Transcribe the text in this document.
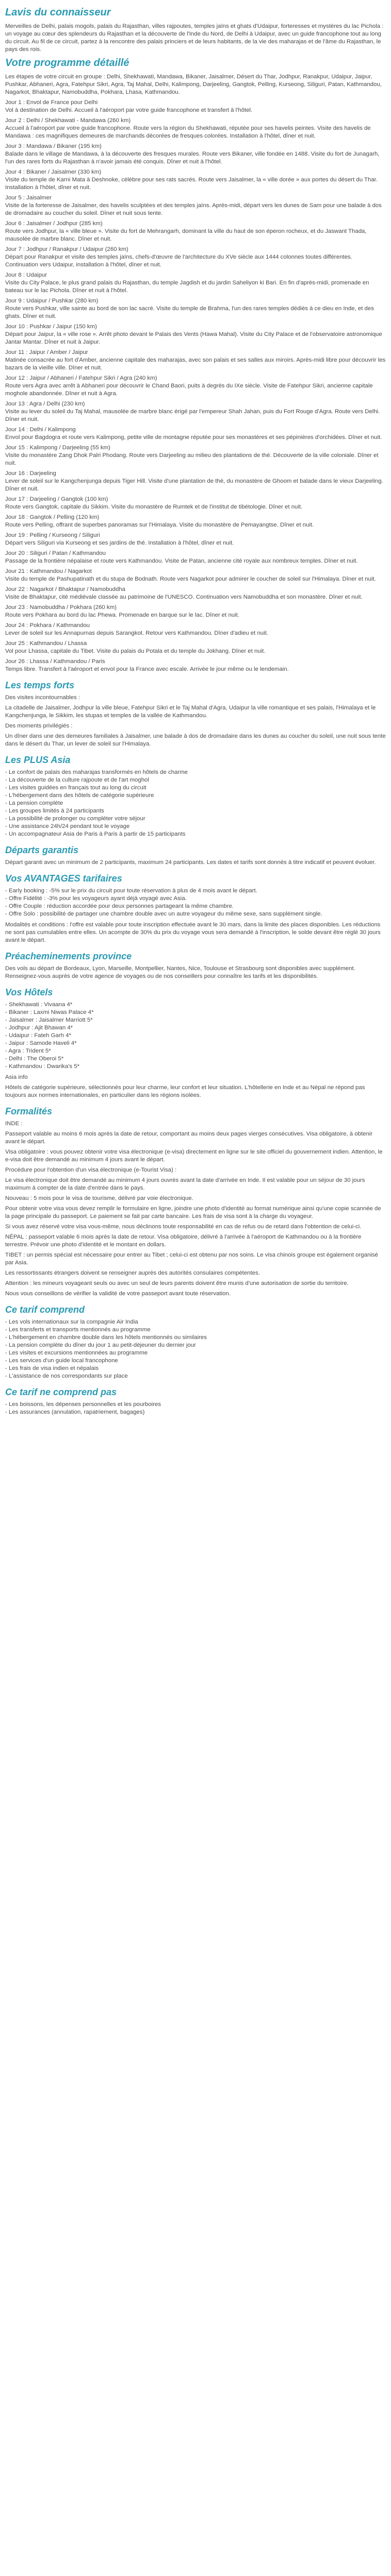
Lavis du connaisseur

Merveilles de Delhi, palais mogols, palais du Rajasthan, villes rajpoutes, temples jaïns et ghats d'Udaipur, forteresses et mystères du lac Pichola : un voyage au cœur des splendeurs du Rajasthan et la découverte de l'Inde du Nord, de Delhi à Udaipur, avec un guide francophone tout au long du circuit. Au fil de ce circuit, partez à la rencontre des palais princiers et de leurs habitants, de la vie des maharajas et de l'âme du Rajasthan, le pays des rois.

Votre programme détaillé

Les étapes de votre circuit en groupe : Delhi, Shekhawati, Mandawa, Bikaner, Jaisalmer, Désert du Thar, Jodhpur, Ranakpur, Udaipur, Jaipur, Pushkar, Abhaneri, Agra, Fatehpur Sikri, Agra, Taj Mahal, Delhi, Kalimpong, Darjeeling, Gangtok, Pelling, Kurseong, Siliguri, Patan, Kathmandou, Nagarkot, Bhaktapur, Namobuddha, Pokhara, Lhasa, Kathmandou.

Jour 1 : Envol de France pour Delhi
Vol à destination de Delhi. Accueil à l'aéroport par votre guide francophone et transfert à l'hôtel.
Jour 2 : Delhi / Shekhawati - Mandawa (260 km)
Accueil à l'aéroport par votre guide francophone. Route vers la région du Shekhawati, réputée pour ses havelis peintes. Visite des havelis de Mandawa : ces magnifiques demeures de marchands décorées de fresques colorées. Installation à l'hôtel, dîner et nuit.
Jour 3 : Mandawa / Bikaner (195 km)
Balade dans le village de Mandawa, à la découverte des fresques murales. Route vers Bikaner, ville fondée en 1488. Visite du fort de Junagarh, l'un des rares forts du Rajasthan à n'avoir jamais été conquis. Dîner et nuit à l'hôtel.
Jour 4 : Bikaner / Jaisalmer (330 km)
Visite du temple de Karni Mata à Deshnoke, célèbre pour ses rats sacrés. Route vers Jaisalmer, la « ville dorée » aux portes du désert du Thar. Installation à l'hôtel, dîner et nuit.
Jour 5 : Jaisalmer
Visite de la forteresse de Jaisalmer, des havelis sculptées et des temples jaïns. Après-midi, départ vers les dunes de Sam pour une balade à dos de dromadaire au coucher du soleil. Dîner et nuit sous tente.
Jour 6 : Jaisalmer / Jodhpur (285 km)
Route vers Jodhpur, la « ville bleue ». Visite du fort de Mehrangarh, dominant la ville du haut de son éperon rocheux, et du Jaswant Thada, mausolée de marbre blanc. Dîner et nuit.
Jour 7 : Jodhpur / Ranakpur / Udaipur (260 km)
Départ pour Ranakpur et visite des temples jaïns, chefs-d'œuvre de l'architecture du XVe siècle aux 1444 colonnes toutes différentes. Continuation vers Udaipur, installation à l'hôtel, dîner et nuit.
Jour 8 : Udaipur
Visite du City Palace, le plus grand palais du Rajasthan, du temple Jagdish et du jardin Saheliyon ki Bari. En fin d'après-midi, promenade en bateau sur le lac Pichola. Dîner et nuit à l'hôtel.
Jour 9 : Udaipur / Pushkar (280 km)
Route vers Pushkar, ville sainte au bord de son lac sacré. Visite du temple de Brahma, l'un des rares temples dédiés à ce dieu en Inde, et des ghats. Dîner et nuit.
Jour 10 : Pushkar / Jaipur (150 km)
Départ pour Jaipur, la « ville rose ». Arrêt photo devant le Palais des Vents (Hawa Mahal). Visite du City Palace et de l'observatoire astronomique Jantar Mantar. Dîner et nuit à Jaipur.
Jour 11 : Jaipur / Amber / Jaipur
Matinée consacrée au fort d'Amber, ancienne capitale des maharajas, avec son palais et ses salles aux miroirs. Après-midi libre pour découvrir les bazars de la vieille ville. Dîner et nuit.
Jour 12 : Jaipur / Abhaneri / Fatehpur Sikri / Agra (240 km)
Route vers Agra avec arrêt à Abhaneri pour découvrir le Chand Baori, puits à degrés du IXe siècle. Visite de Fatehpur Sikri, ancienne capitale moghole abandonnée. Dîner et nuit à Agra.
Jour 13 : Agra / Delhi (230 km)
Visite au lever du soleil du Taj Mahal, mausolée de marbre blanc érigé par l'empereur Shah Jahan, puis du Fort Rouge d'Agra. Route vers Delhi. Dîner et nuit.
Jour 14 : Delhi / Kalimpong
Envol pour Bagdogra et route vers Kalimpong, petite ville de montagne réputée pour ses monastères et ses pépinières d'orchidées. Dîner et nuit.
Jour 15 : Kalimpong / Darjeeling (55 km)
Visite du monastère Zang Dhok Palri Phodang. Route vers Darjeeling au milieu des plantations de thé. Découverte de la ville coloniale. Dîner et nuit.
Jour 16 : Darjeeling
Lever de soleil sur le Kangchenjunga depuis Tiger Hill. Visite d'une plantation de thé, du monastère de Ghoom et balade dans le vieux Darjeeling. Dîner et nuit.
Jour 17 : Darjeeling / Gangtok (100 km)
Route vers Gangtok, capitale du Sikkim. Visite du monastère de Rumtek et de l'institut de tibétologie. Dîner et nuit.
Jour 18 : Gangtok / Pelling (120 km)
Route vers Pelling, offrant de superbes panoramas sur l'Himalaya. Visite du monastère de Pemayangtse. Dîner et nuit.
Jour 19 : Pelling / Kurseong / Siliguri
Départ vers Siliguri via Kurseong et ses jardins de thé. Installation à l'hôtel, dîner et nuit.
Jour 20 : Siliguri / Patan / Kathmandou
Passage de la frontière népalaise et route vers Kathmandou. Visite de Patan, ancienne cité royale aux nombreux temples. Dîner et nuit.
Jour 21 : Kathmandou / Nagarkot
Visite du temple de Pashupatinath et du stupa de Bodnath. Route vers Nagarkot pour admirer le coucher de soleil sur l'Himalaya. Dîner et nuit.
Jour 22 : Nagarkot / Bhaktapur / Namobuddha
Visite de Bhaktapur, cité médiévale classée au patrimoine de l'UNESCO. Continuation vers Namobuddha et son monastère. Dîner et nuit.
Jour 23 : Namobuddha / Pokhara (260 km)
Route vers Pokhara au bord du lac Phewa. Promenade en barque sur le lac. Dîner et nuit.
Jour 24 : Pokhara / Kathmandou
Lever de soleil sur les Annapurnas depuis Sarangkot. Retour vers Kathmandou. Dîner d'adieu et nuit.
Jour 25 : Kathmandou / Lhassa
Vol pour Lhassa, capitale du Tibet. Visite du palais du Potala et du temple du Jokhang. Dîner et nuit.
Jour 26 : Lhassa / Kathmandou / Paris
Temps libre. Transfert à l'aéroport et envol pour la France avec escale. Arrivée le jour même ou le lendemain.
Les temps forts

Des visites incontournables :

La citadelle de Jaisalmer, Jodhpur la ville bleue, Fatehpur Sikri et le Taj Mahal d'Agra, Udaipur la ville romantique et ses palais, l'Himalaya et le Kangchenjunga, le Sikkim, les stupas et temples de la vallée de Kathmandou.

Des moments privilégiés :

Un dîner dans une des demeures familiales à Jaisalmer, une balade à dos de dromadaire dans les dunes au coucher du soleil, une nuit sous tente dans le désert du Thar, un lever de soleil sur l'Himalaya.

Les PLUS Asia
- Le confort de palais des maharajas transformés en hôtels de charme
- La découverte de la culture rajpoute et de l'art moghol
- Les visites guidées en français tout au long du circuit
- L'hébergement dans des hôtels de catégorie supérieure
- La pension complète
- Les groupes limités à 24 participants
- La possibilité de prolonger ou compléter votre séjour
- Une assistance 24h/24 pendant tout le voyage
- Un accompagnateur Asia de Paris à Paris à partir de 15 participants
Départs garantis

Départ garanti avec un minimum de 2 participants, maximum 24 participants. Les dates et tarifs sont donnés à titre indicatif et peuvent évoluer.

Vos AVANTAGES tarifaires
- Early booking : -5% sur le prix du circuit pour toute réservation à plus de 4 mois avant le départ.
- Offre Fidélité : -3% pour les voyageurs ayant déjà voyagé avec Asia.
- Offre Couple : réduction accordée pour deux personnes partageant la même chambre.
- Offre Solo : possibilité de partager une chambre double avec un autre voyageur du même sexe, sans supplément single.

Modalités et conditions : l'offre est valable pour toute inscription effectuée avant le 30 mars, dans la limite des places disponibles. Les réductions ne sont pas cumulables entre elles. Un acompte de 30% du prix du voyage vous sera demandé à l'inscription, le solde devant être réglé 30 jours avant le départ.

Préacheminements province

Des vols au départ de Bordeaux, Lyon, Marseille, Montpellier, Nantes, Nice, Toulouse et Strasbourg sont disponibles avec supplément. Renseignez-vous auprès de votre agence de voyages ou de nos conseillers pour connaître les tarifs et les disponibilités.

Vos Hôtels
- Shekhawati : Vivaana 4*
- Bikaner : Laxmi Niwas Palace 4*
- Jaisalmer : Jaisalmer Marriott 5*
- Jodhpur : Ajit Bhawan 4*
- Udaipur : Fateh Garh 4*
- Jaipur : Samode Haveli 4*
- Agra : Trident 5*
- Delhi : The Oberoi 5*
- Kathmandou : Dwarika's 5*

Asia info

Hôtels de catégorie supérieure, sélectionnés pour leur charme, leur confort et leur situation. L'hôtellerie en Inde et au Népal ne répond pas toujours aux normes internationales, en particulier dans les régions isolées.

Formalités

INDE :

Passeport valable au moins 6 mois après la date de retour, comportant au moins deux pages vierges consécutives. Visa obligatoire, à obtenir avant le départ.

Visa obligatoire : vous pouvez obtenir votre visa électronique (e-visa) directement en ligne sur le site officiel du gouvernement indien. Attention, le e-visa doit être demandé au minimum 4 jours avant le départ.

Procédure pour l'obtention d'un visa électronique (e-Tourist Visa) :

Le visa électronique doit être demandé au minimum 4 jours ouvrés avant la date d'arrivée en Inde. Il est valable pour un séjour de 30 jours maximum à compter de la date d'entrée dans le pays.

Nouveau : 5 mois pour le visa de tourisme, délivré par voie électronique.

Pour obtenir votre visa vous devez remplir le formulaire en ligne, joindre une photo d'identité au format numérique ainsi qu'une copie scannée de la page principale du passeport. Le paiement se fait par carte bancaire. Les frais de visa sont à la charge du voyageur.

Si vous avez réservé votre visa vous-même, nous déclinons toute responsabilité en cas de refus ou de retard dans l'obtention de celui-ci.

NÉPAL : passeport valable 6 mois après la date de retour. Visa obligatoire, délivré à l'arrivée à l'aéroport de Kathmandou ou à la frontière terrestre. Prévoir une photo d'identité et le montant en dollars.

TIBET : un permis spécial est nécessaire pour entrer au Tibet ; celui-ci est obtenu par nos soins. Le visa chinois groupe est également organisé par Asia.

Les ressortissants étrangers doivent se renseigner auprès des autorités consulaires compétentes.

Attention : les mineurs voyageant seuls ou avec un seul de leurs parents doivent être munis d'une autorisation de sortie du territoire.

Nous vous conseillons de vérifier la validité de votre passeport avant toute réservation.

Ce tarif comprend
- Les vols internationaux sur la compagnie Air India
- Les transferts et transports mentionnés au programme
- L'hébergement en chambre double dans les hôtels mentionnés ou similaires
- La pension complète du dîner du jour 1 au petit-déjeuner du dernier jour
- Les visites et excursions mentionnées au programme
- Les services d'un guide local francophone
- Les frais de visa indien et népalais
- L'assistance de nos correspondants sur place
Ce tarif ne comprend pas
- Les boissons, les dépenses personnelles et les pourboires
- Les assurances (annulation, rapatriement, bagages)
